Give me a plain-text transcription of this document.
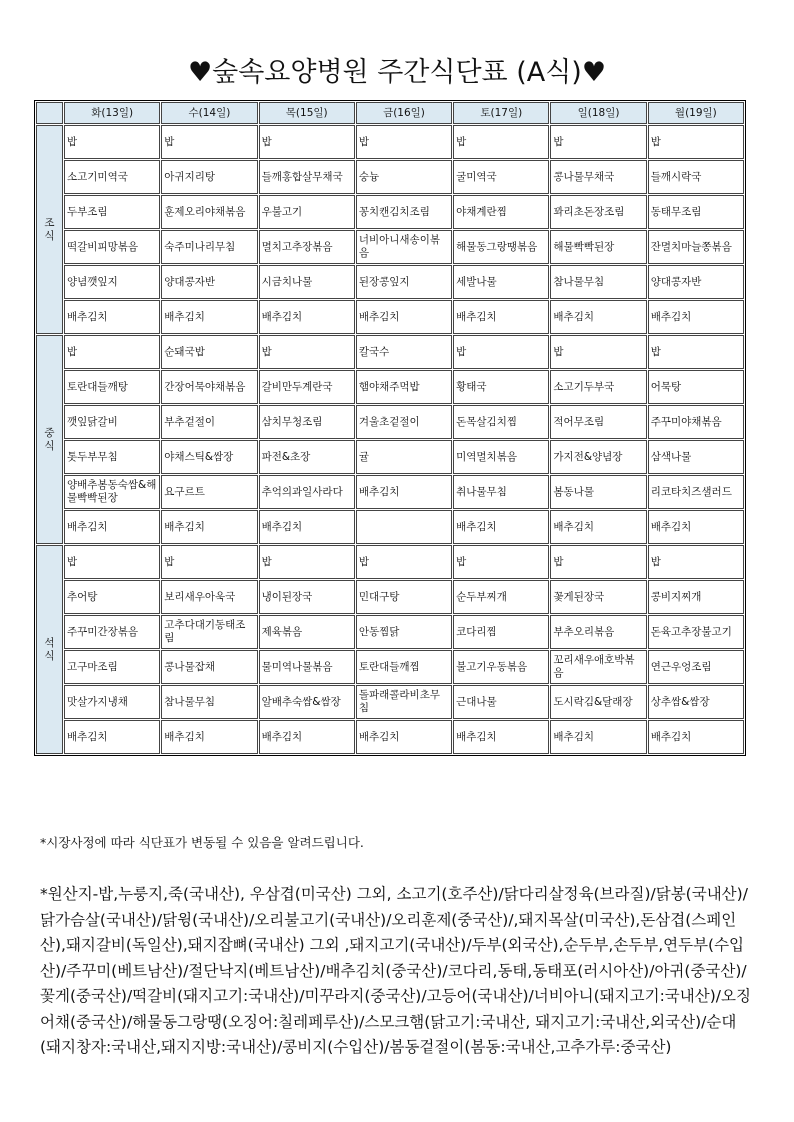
♥숲속요양병원 주간식단표 (A식)♥
	화(13일)	수(14일)	목(15일)	금(16일)	토(17일)	일(18일)	월(19일)

조
식	밥	밥	밥	밥	밥	밥	밥

	소고기미역국	아귀지리탕	들깨홍합살무채국	숭늉	굴미역국	콩나물무채국	들깨시락국

	두부조림	훈제오리야채볶음	우불고기	꽁치캔김치조림	야채계란찜	꽈리초돈장조림	동태무조림

	떡갈비피망볶음	숙주미나리무침	멸치고추장볶음	너비아니새송이볶음	해물동그랑땡볶음	해물빡빡된장	잔멸치마늘쫑볶음

	양념깻잎지	양대콩자반	시금치나물	된장콩잎지	세발나물	참나물무침	양대콩자반

	배추김치	배추김치	배추김치	배추김치	배추김치	배추김치	배추김치

중
식	밥	순돼국밥	밥	칼국수	밥	밥	밥

	토란대들깨탕	간장어묵야채볶음	갈비만두계란국	햄야채주먹밥	황태국	소고기두부국	어묵탕

	깻잎닭갈비	부추겉절이	삼치무청조림	겨울초겉절이	돈목살김치찜	적어무조림	주꾸미야채볶음

	톳두부무침	야채스틱&쌈장	파전&초장	귤	미역멸치볶음	가지전&양념장	삼색나물

	양배추봄동숙쌈&해물빡빡된장	요구르트	추억의과일사라다	배추김치	취나물무침	봄동나물	리코타치즈샐러드

	배추김치	배추김치	배추김치		배추김치	배추김치	배추김치

석
식	밥	밥	밥	밥	밥	밥	밥

	추어탕	보리새우아욱국	냉이된장국	민대구탕	순두부찌개	꽃게된장국	콩비지찌개

	주꾸미간장볶음	고추다대기동태조림	제육볶음	안동찜닭	코다리찜	부추오리볶음	돈육고추장불고기

	고구마조림	콩나물잡채	물미역나물볶음	토란대들깨찜	불고기우동볶음	꼬리새우애호박볶음	연근우엉조림

	맛살가지냉채	참나물무침	알배추숙쌈&쌈장	돌파래콜라비초무침	근대나물	도시락김&달래장	상추쌈&쌈장

	배추김치	배추김치	배추김치	배추김치	배추김치	배추김치	배추김치
*시장사정에 따라 식단표가 변동될 수 있음을 알려드립니다.
*원산지-밥,누룽지,죽(국내산), 우삼겹(미국산) 그외, 소고기(호주산)/닭다리살정육(브라질)/닭봉(국내산)/닭가슴살(국내산)/닭윙(국내산)/오리불고기(국내산)/오리훈제(중국산)/,돼지목살(미국산),돈삼겹(스페인산),돼지갈비(독일산),돼지잡뼈(국내산) 그외 ,돼지고기(국내산)/두부(외국산),순두부,손두부,연두부(수입산)/주꾸미(베트남산)/절단낙지(베트남산)/배추김치(중국산)/코다리,동태,동태포(러시아산)/아귀(중국산)/꽃게(중국산)/떡갈비(돼지고기:국내산)/미꾸라지(중국산)/고등어(국내산)/너비아니(돼지고기:국내산)/오징어채(중국산)/해물동그랑땡(오징어:칠레페루산)/스모크햄(닭고기:국내산, 돼지고기:국내산,외국산)/순대(돼지창자:국내산,돼지지방:국내산)/콩비지(수입산)/봄동겉절이(봄동:국내산,고추가루:중국산)
